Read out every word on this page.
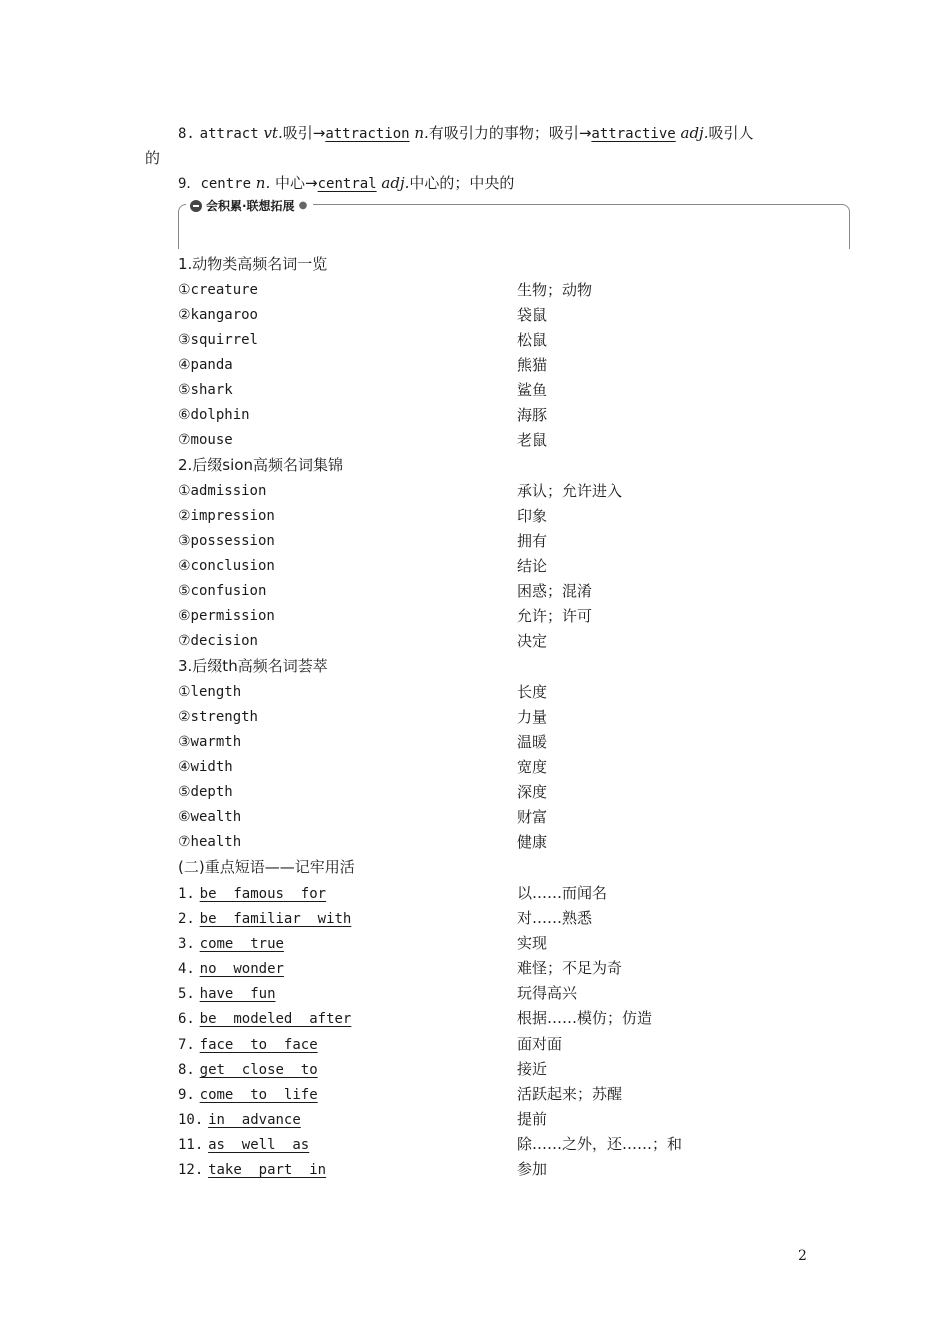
8. attract vt.吸引→attraction n.有吸引力的事物；吸引→attractive adj.吸引人
的
9．centre n. 中心→central adj.中心的；中央的
会积累·联想拓展 ●
1.动物类高频名词一览
①creature	生物；动物
②kangaroo	袋鼠
③squirrel	松鼠
④panda	熊猫
⑤shark	鲨鱼
⑥dolphin	海豚
⑦mouse	老鼠
2.后缀sion高频名词集锦
①admission	承认；允许进入
②impression	印象
③possession	拥有
④conclusion	结论
⑤confusion	困惑；混淆
⑥permission	允许；许可
⑦decision	决定
3.后缀th高频名词荟萃
①length	长度
②strength	力量
③warmth	温暖
④width	宽度
⑤depth	深度
⑥wealth	财富
⑦health	健康
(二)重点短语——记牢用活
1. be  famous  for	以……而闻名
2. be  familiar  with	对……熟悉
3. come  true	实现
4. no  wonder	难怪；不足为奇
5. have  fun	玩得高兴
6. be  modeled  after	根据……模仿；仿造
7. face  to  face	面对面
8. get  close  to	接近
9. come  to  life	活跃起来；苏醒
10. in  advance	提前
11. as  well  as	除……之外，还……；和
12. take  part  in	参加
2
